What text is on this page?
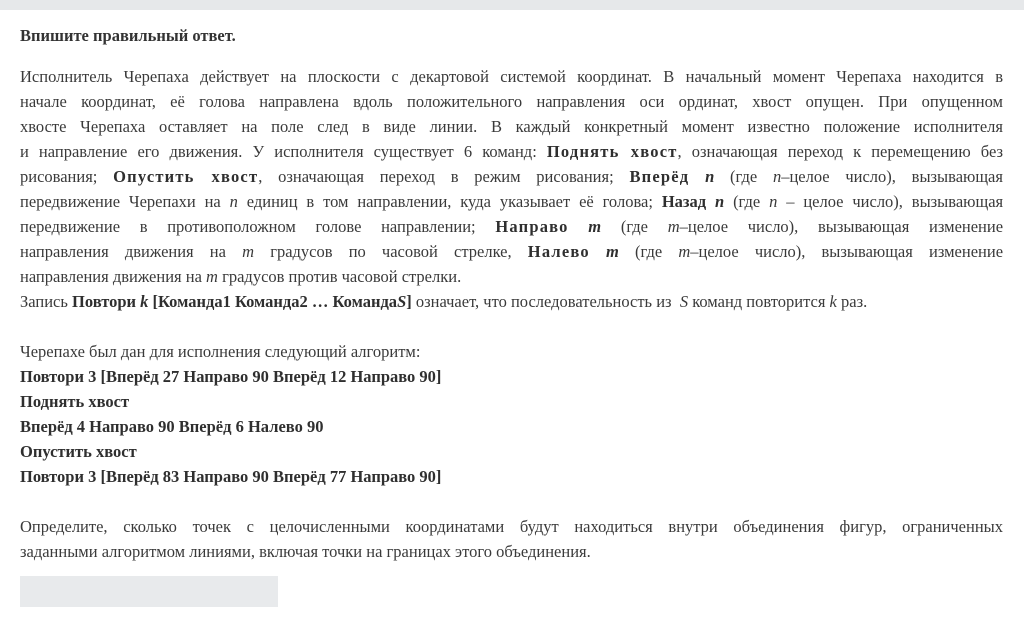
Впишите правильный ответ.
Исполнитель Черепаха действует на плоскости с декартовой системой координат. В начальный момент Черепаха находится в
начале координат, её голова направлена вдоль положительного направления оси ординат, хвост опущен. При опущенном
хвосте Черепаха оставляет на поле след в виде линии. В каждый конкретный момент известно положение исполнителя
и направление его движения. У исполнителя существует 6 команд: Поднять хвост, означающая переход к перемещению без
рисования; Опустить хвост, означающая переход в режим рисования; Вперёд n (где n–целое число), вызывающая
передвижение Черепахи на n единиц в том направлении, куда указывает её голова; Назад n (где n – целое число), вызывающая
передвижение в противоположном голове направлении; Направо m (где m–целое число), вызывающая изменение
направления движения на m градусов по часовой стрелке, Налево m (где m–целое число), вызывающая изменение
направления движения на m градусов против часовой стрелки.
Запись Повтори k [Команда1 Команда2 … КомандаS] означает, что последовательность из S команд повторится k раз.
Черепахе был дан для исполнения следующий алгоритм:
Повтори 3 [Вперёд 27 Направо 90 Вперёд 12 Направо 90]
Поднять хвост
Вперёд 4 Направо 90 Вперёд 6 Налево 90
Опустить хвост
Повтори 3 [Вперёд 83 Направо 90 Вперёд 77 Направо 90]
Определите, сколько точек с целочисленными координатами будут находиться внутри объединения фигур, ограниченных
заданными алгоритмом линиями, включая точки на границах этого объединения.
